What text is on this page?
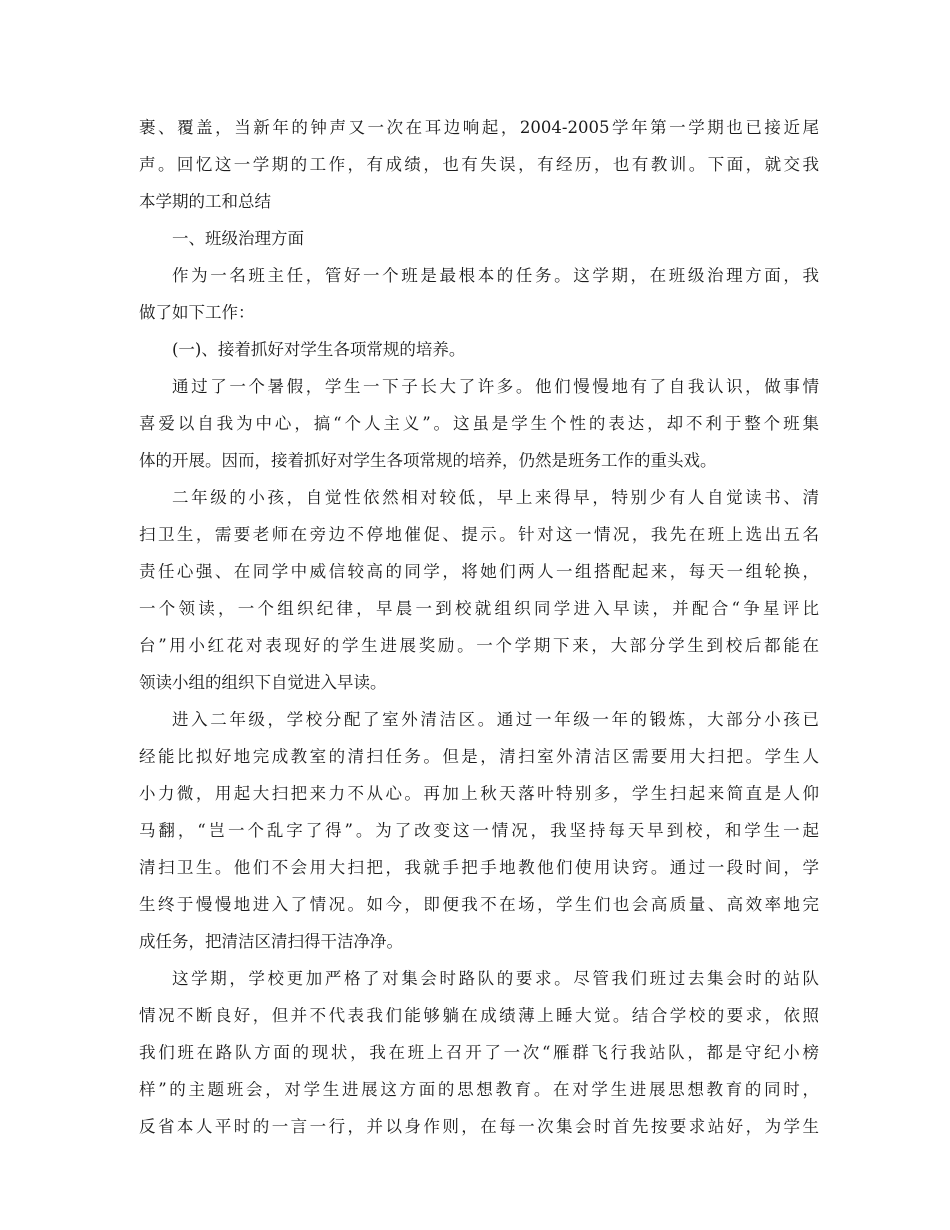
裹、覆盖，当新年的钟声又一次在耳边响起，2004-2005学年第一学期也已接近尾
声。回忆这一学期的工作，有成绩，也有失误，有经历，也有教训。下面，就交我
本学期的工和总结
一、班级治理方面
作为一名班主任，管好一个班是最根本的任务。这学期，在班级治理方面，我
做了如下工作：
(一)、接着抓好对学生各项常规的培养。
通过了一个暑假，学生一下子长大了许多。他们慢慢地有了自我认识，做事情
喜爱以自我为中心，搞“个人主义”。这虽是学生个性的表达，却不利于整个班集
体的开展。因而，接着抓好对学生各项常规的培养，仍然是班务工作的重头戏。
二年级的小孩，自觉性依然相对较低，早上来得早，特别少有人自觉读书、清
扫卫生，需要老师在旁边不停地催促、提示。针对这一情况，我先在班上选出五名
责任心强、在同学中威信较高的同学，将她们两人一组搭配起来，每天一组轮换，
一个领读，一个组织纪律，早晨一到校就组织同学进入早读，并配合“争星评比
台”用小红花对表现好的学生进展奖励。一个学期下来，大部分学生到校后都能在
领读小组的组织下自觉进入早读。
进入二年级，学校分配了室外清洁区。通过一年级一年的锻炼，大部分小孩已
经能比拟好地完成教室的清扫任务。但是，清扫室外清洁区需要用大扫把。学生人
小力微，用起大扫把来力不从心。再加上秋天落叶特别多，学生扫起来简直是人仰
马翻，“岂一个乱字了得”。为了改变这一情况，我坚持每天早到校，和学生一起
清扫卫生。他们不会用大扫把，我就手把手地教他们使用诀窍。通过一段时间，学
生终于慢慢地进入了情况。如今，即便我不在场，学生们也会高质量、高效率地完
成任务，把清洁区清扫得干洁净净。
这学期，学校更加严格了对集会时路队的要求。尽管我们班过去集会时的站队
情况不断良好，但并不代表我们能够躺在成绩薄上睡大觉。结合学校的要求，依照
我们班在路队方面的现状，我在班上召开了一次“雁群飞行我站队，都是守纪小榜
样”的主题班会，对学生进展这方面的思想教育。在对学生进展思想教育的同时，
反省本人平时的一言一行，并以身作则，在每一次集会时首先按要求站好，为学生
